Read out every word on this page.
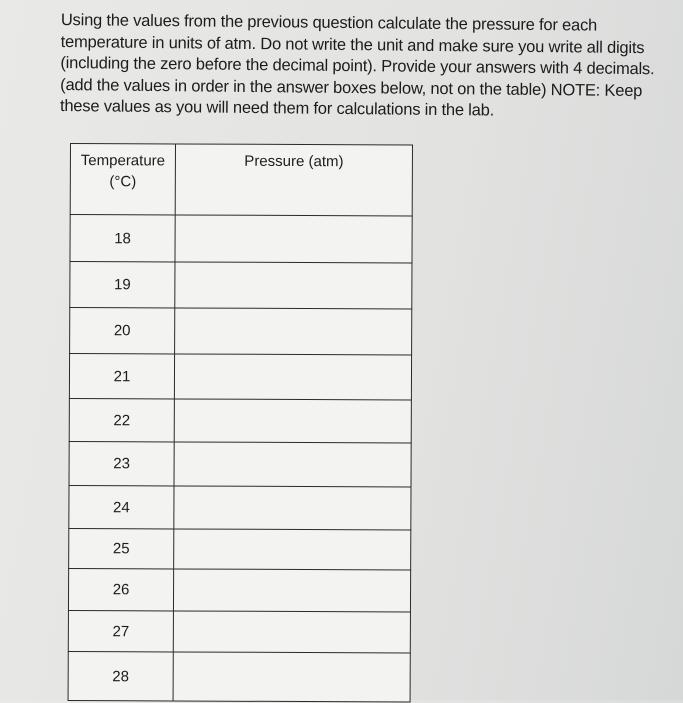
Using the values from the previous question calculate the pressure for each

temperature in units of atm. Do not write the unit and make sure you write all digits

(including the zero before the decimal point). Provide your answers with 4 decimals.

(add the values in order in the answer boxes below, not on the table) NOTE: Keep

these values as you will need them for calculations in the lab.

Temperature
(°C)	Pressure (atm)
18	
19	
20	
21	
22	
23	
24	
25	
26	
27	
28	
